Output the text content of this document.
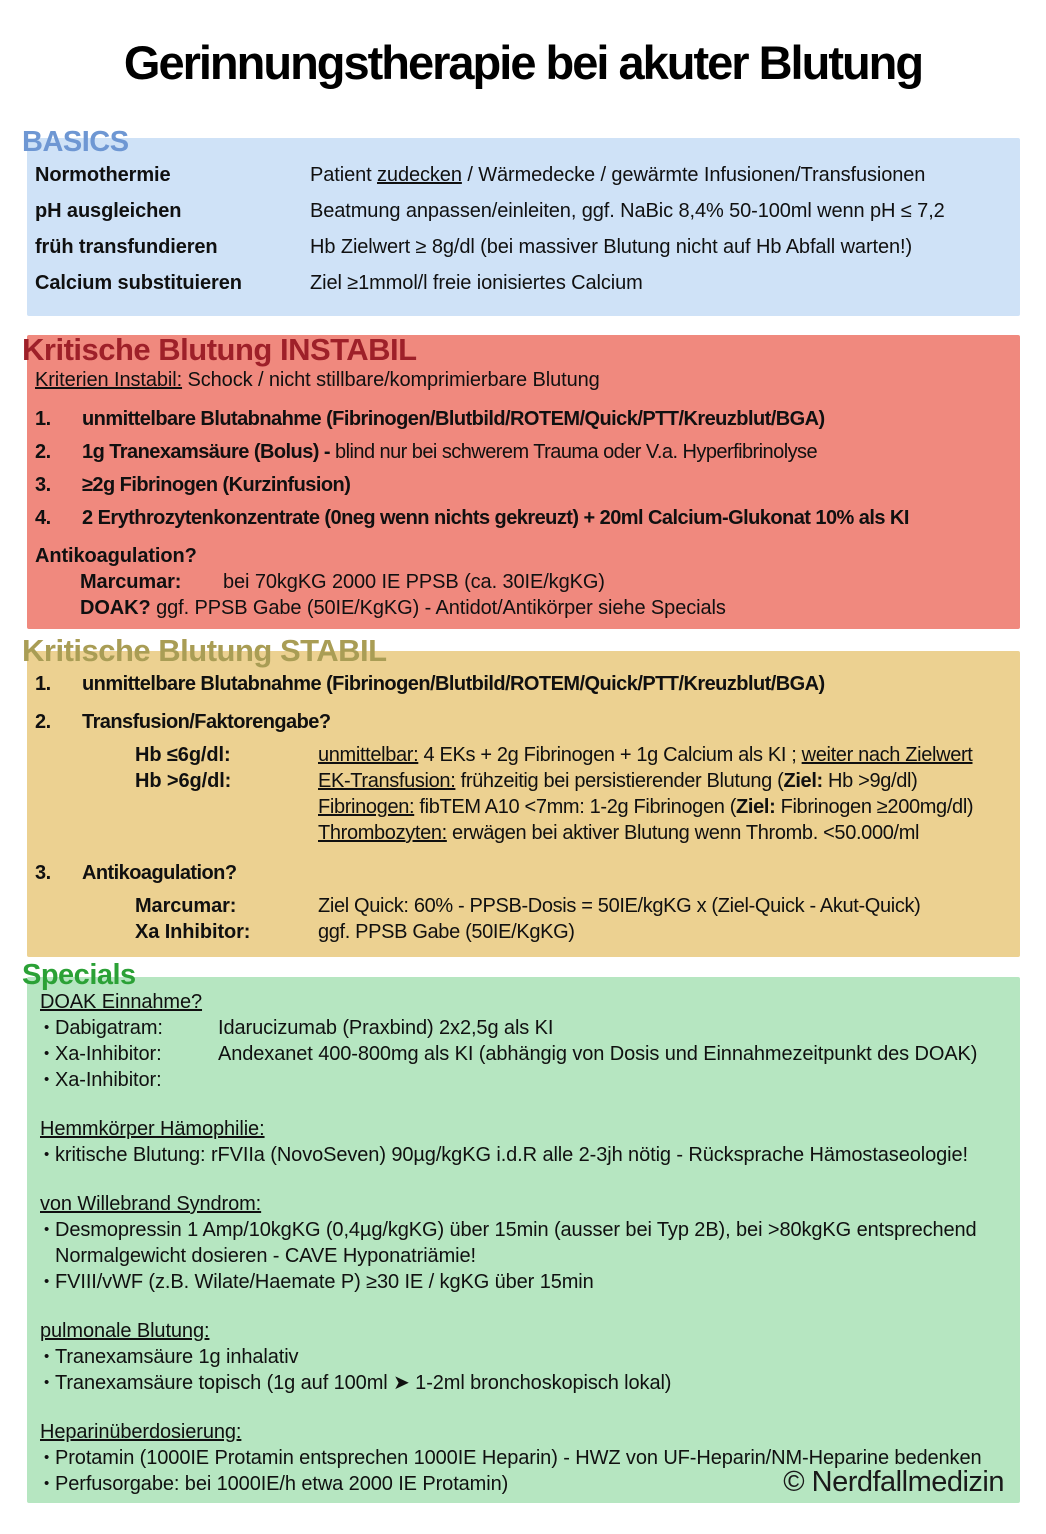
Gerinnungstherapie bei akuter Blutung
BASICS
Normothermie	Patient zudecken / Wärmedecke / gewärmte Infusionen/Transfusionen
pH ausgleichen	Beatmung anpassen/einleiten, ggf. NaBic 8,4% 50-100ml wenn pH ≤ 7,2
früh transfundieren	Hb Zielwert ≥ 8g/dl (bei massiver Blutung nicht auf Hb Abfall warten!)
Calcium substituieren	Ziel ≥1mmol/l freie ionisiertes Calcium
Kritische Blutung INSTABIL
Kriterien Instabil: Schock / nicht stillbare/komprimierbare Blutung
1.	unmittelbare Blutabnahme (Fibrinogen/Blutbild/ROTEM/Quick/PTT/Kreuzblut/BGA)
2.	1g Tranexamsäure (Bolus) - blind nur bei schwerem Trauma oder V.a. Hyperfibrinolyse
3.	≥2g Fibrinogen (Kurzinfusion)
4.	2 Erythrozytenkonzentrate (0neg wenn nichts gekreuzt) + 20ml Calcium-Glukonat 10% als KI
Antikoagulation?
Marcumar:	bei 70kgKG 2000 IE PPSB (ca. 30IE/kgKG)
DOAK? ggf. PPSB Gabe (50IE/KgKG) - Antidot/Antikörper siehe Specials
Kritische Blutung STABIL
1.	unmittelbare Blutabnahme (Fibrinogen/Blutbild/ROTEM/Quick/PTT/Kreuzblut/BGA)
2.	Transfusion/Faktorengabe?
Hb ≤6g/dl:	unmittelbar: 4 EKs + 2g Fibrinogen + 1g Calcium als KI ; weiter nach Zielwert
Hb >6g/dl:	EK-Transfusion: frühzeitig bei persistierender Blutung (Ziel: Hb >9g/dl)
Fibrinogen: fibTEM A10 <7mm: 1-2g Fibrinogen (Ziel: Fibrinogen ≥200mg/dl)
Thrombozyten: erwägen bei aktiver Blutung wenn Thromb. <50.000/ml
3.	Antikoagulation?
Marcumar:	Ziel Quick: 60% - PPSB-Dosis = 50IE/kgKG x (Ziel-Quick - Akut-Quick)
Xa Inhibitor:	ggf. PPSB Gabe (50IE/KgKG)
Specials
DOAK Einnahme?
• Dabigatram:	Idarucizumab (Praxbind) 2x2,5g als KI
• Xa-Inhibitor:	Andexanet 400-800mg als KI (abhängig von Dosis und Einnahmezeitpunkt des DOAK)
• Xa-Inhibitor:
Hemmkörper Hämophilie:
• kritische Blutung: rFVIIa (NovoSeven) 90µg/kgKG i.d.R alle 2-3jh nötig - Rücksprache Hämostaseologie!
von Willebrand Syndrom:
• Desmopressin 1 Amp/10kgKG (0,4µg/kgKG) über 15min (ausser bei Typ 2B), bei >80kgKG entsprechend Normalgewicht dosieren - CAVE Hyponatriämie!
• FVIII/vWF (z.B. Wilate/Haemate P) ≥30 IE / kgKG über 15min
pulmonale Blutung:
• Tranexamsäure 1g inhalativ
• Tranexamsäure topisch (1g auf 100ml ➤ 1-2ml bronchoskopisch lokal)
Heparinüberdosierung:
• Protamin (1000IE Protamin entsprechen 1000IE Heparin) - HWZ von UF-Heparin/NM-Heparine bedenken
• Perfusorgabe: bei 1000IE/h etwa 2000 IE Protamin)	© Nerdfallmedizin
